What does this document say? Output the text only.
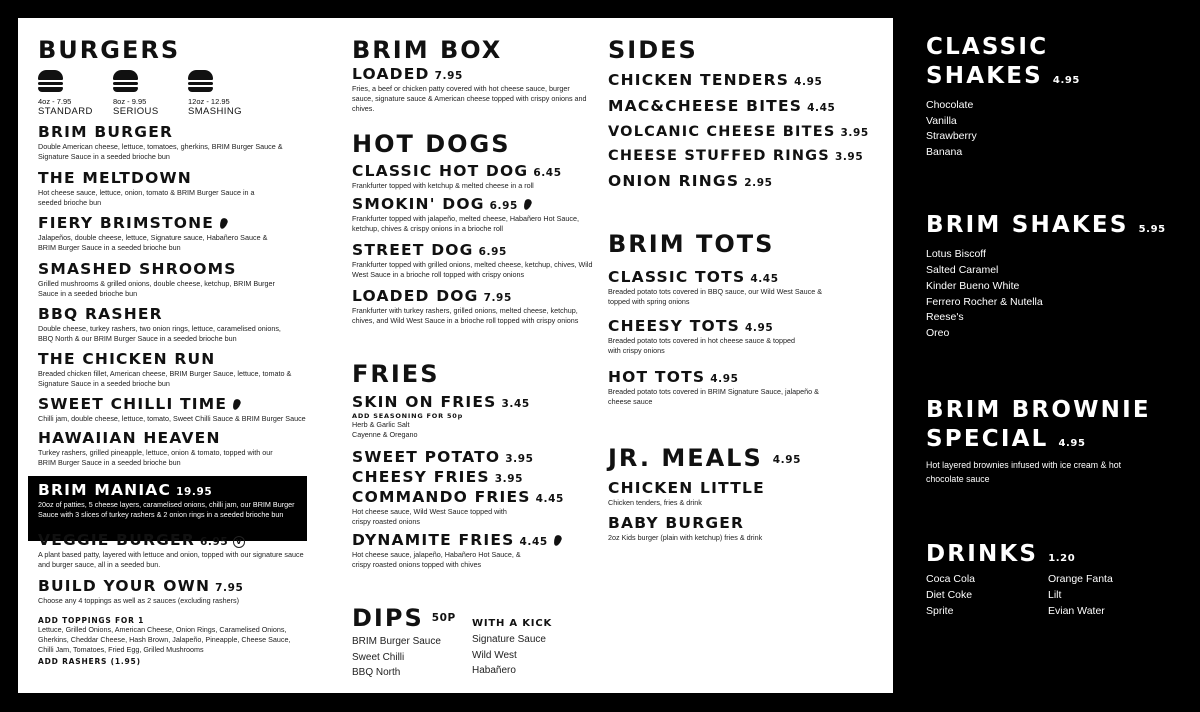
BURGERS
4oz - 7.95
STANDARD
8oz - 9.95
SERIOUS
12oz - 12.95
SMASHING
BRIM BURGER
Double American cheese, lettuce, tomatoes, gherkins, BRIM Burger Sauce & Signature Sauce in a seeded brioche bun
THE MELTDOWN
Hot cheese sauce, lettuce, onion, tomato & BRIM Burger Sauce in a seeded brioche bun
FIERY BRIMSTONE
Jalapeños, double cheese, lettuce, Signature sauce, Habañero Sauce & BRIM Burger Sauce in a seeded brioche bun
SMASHED SHROOMS
Grilled mushrooms & grilled onions, double cheese, ketchup, BRIM Burger Sauce in a seeded brioche bun
BBQ RASHER
Double cheese, turkey rashers, two onion rings, lettuce, caramelised onions, BBQ North & our BRIM Burger Sauce in a seeded brioche bun
THE CHICKEN RUN
Breaded chicken fillet, American cheese, BRIM Burger Sauce, lettuce, tomato & Signature Sauce in a seeded brioche bun
SWEET CHILLI TIME
Chilli jam, double cheese, lettuce, tomato, Sweet Chilli Sauce & BRIM Burger Sauce
HAWAIIAN HEAVEN
Turkey rashers, grilled pineapple, lettuce, onion & tomato, topped with our BRIM Burger Sauce in a seeded brioche bun
BRIM MANIAC 19.95
20oz of patties, 5 cheese layers, caramelised onions, chilli jam, our BRIM Burger Sauce with 3 slices of turkey rashers & 2 onion rings in a seeded brioche bun
VEGGIE BURGER 6.95 V
A plant based patty, layered with lettuce and onion, topped with our signature sauce and burger sauce, all in a seeded bun.
BUILD YOUR OWN 7.95
Choose any 4 toppings as well as 2 sauces (excluding rashers)
ADD TOPPINGS FOR 1
Lettuce, Grilled Onions, American Cheese, Onion Rings, Caramelised Onions, Gherkins, Cheddar Cheese, Hash Brown, Jalapeño, Pineapple, Cheese Sauce, Chilli Jam, Tomatoes, Fried Egg, Grilled Mushrooms
ADD RASHERS (1.95)
BRIM BOX
LOADED 7.95
Fries, a beef or chicken patty covered with hot cheese sauce, burger sauce, signature sauce & American cheese topped with crispy onions and chives.
HOT DOGS
CLASSIC HOT DOG 6.45
Frankfurter topped with ketchup & melted cheese in a roll
SMOKIN' DOG 6.95
Frankfurter topped with jalapeño, melted cheese, Habañero Hot Sauce, ketchup, chives & crispy onions in a brioche roll
STREET DOG 6.95
Frankfurter topped with grilled onions, melted cheese, ketchup, chives, Wild West Sauce in a brioche roll topped with crispy onions
LOADED DOG 7.95
Frankfurter with turkey rashers, grilled onions, melted cheese, ketchup, chives, and Wild West Sauce in a brioche roll topped with crispy onions
FRIES
SKIN ON FRIES 3.45
ADD SEASONING FOR 50p
Herb & Garlic Salt
Cayenne & Oregano
SWEET POTATO 3.95
CHEESY FRIES 3.95
COMMANDO FRIES 4.45
Hot cheese sauce, Wild West Sauce topped with crispy roasted onions
DYNAMITE FRIES 4.45
Hot cheese sauce, jalapeño, Habañero Hot Sauce, & crispy roasted onions topped with chives
DIPS $^{50P}$
BRIM Burger Sauce
Sweet Chilli
BBQ North
WITH A KICK
Signature Sauce
Wild West
Habañero
SIDES
CHICKEN TENDERS 4.95
MAC&CHEESE BITES 4.45
VOLCANIC CHEESE BITES 3.95
CHEESE STUFFED RINGS 3.95
ONION RINGS 2.95
BRIM TOTS
CLASSIC TOTS 4.45
Breaded potato tots covered in BBQ sauce, our Wild West Sauce & topped with spring onions
CHEESY TOTS 4.95
Breaded potato tots covered in hot cheese sauce & topped with crispy onions
HOT TOTS 4.95
Breaded potato tots covered in BRIM Signature Sauce, jalapeño & cheese sauce
JR. MEALS 4.95
CHICKEN LITTLE
Chicken tenders, fries & drink
BABY BURGER
2oz Kids burger (plain with ketchup) fries & drink
CLASSIC
SHAKES 4.95
Chocolate
Vanilla
Strawberry
Banana
BRIM SHAKES 5.95
Lotus Biscoff
Salted Caramel
Kinder Bueno White
Ferrero Rocher & Nutella
Reese's
Oreo
BRIM BROWNIE
SPECIAL 4.95
Hot layered brownies infused with ice cream & hot chocolate sauce
DRINKS 1.20
Coca Cola
Diet Coke
Sprite
Orange Fanta
Lilt
Evian Water
